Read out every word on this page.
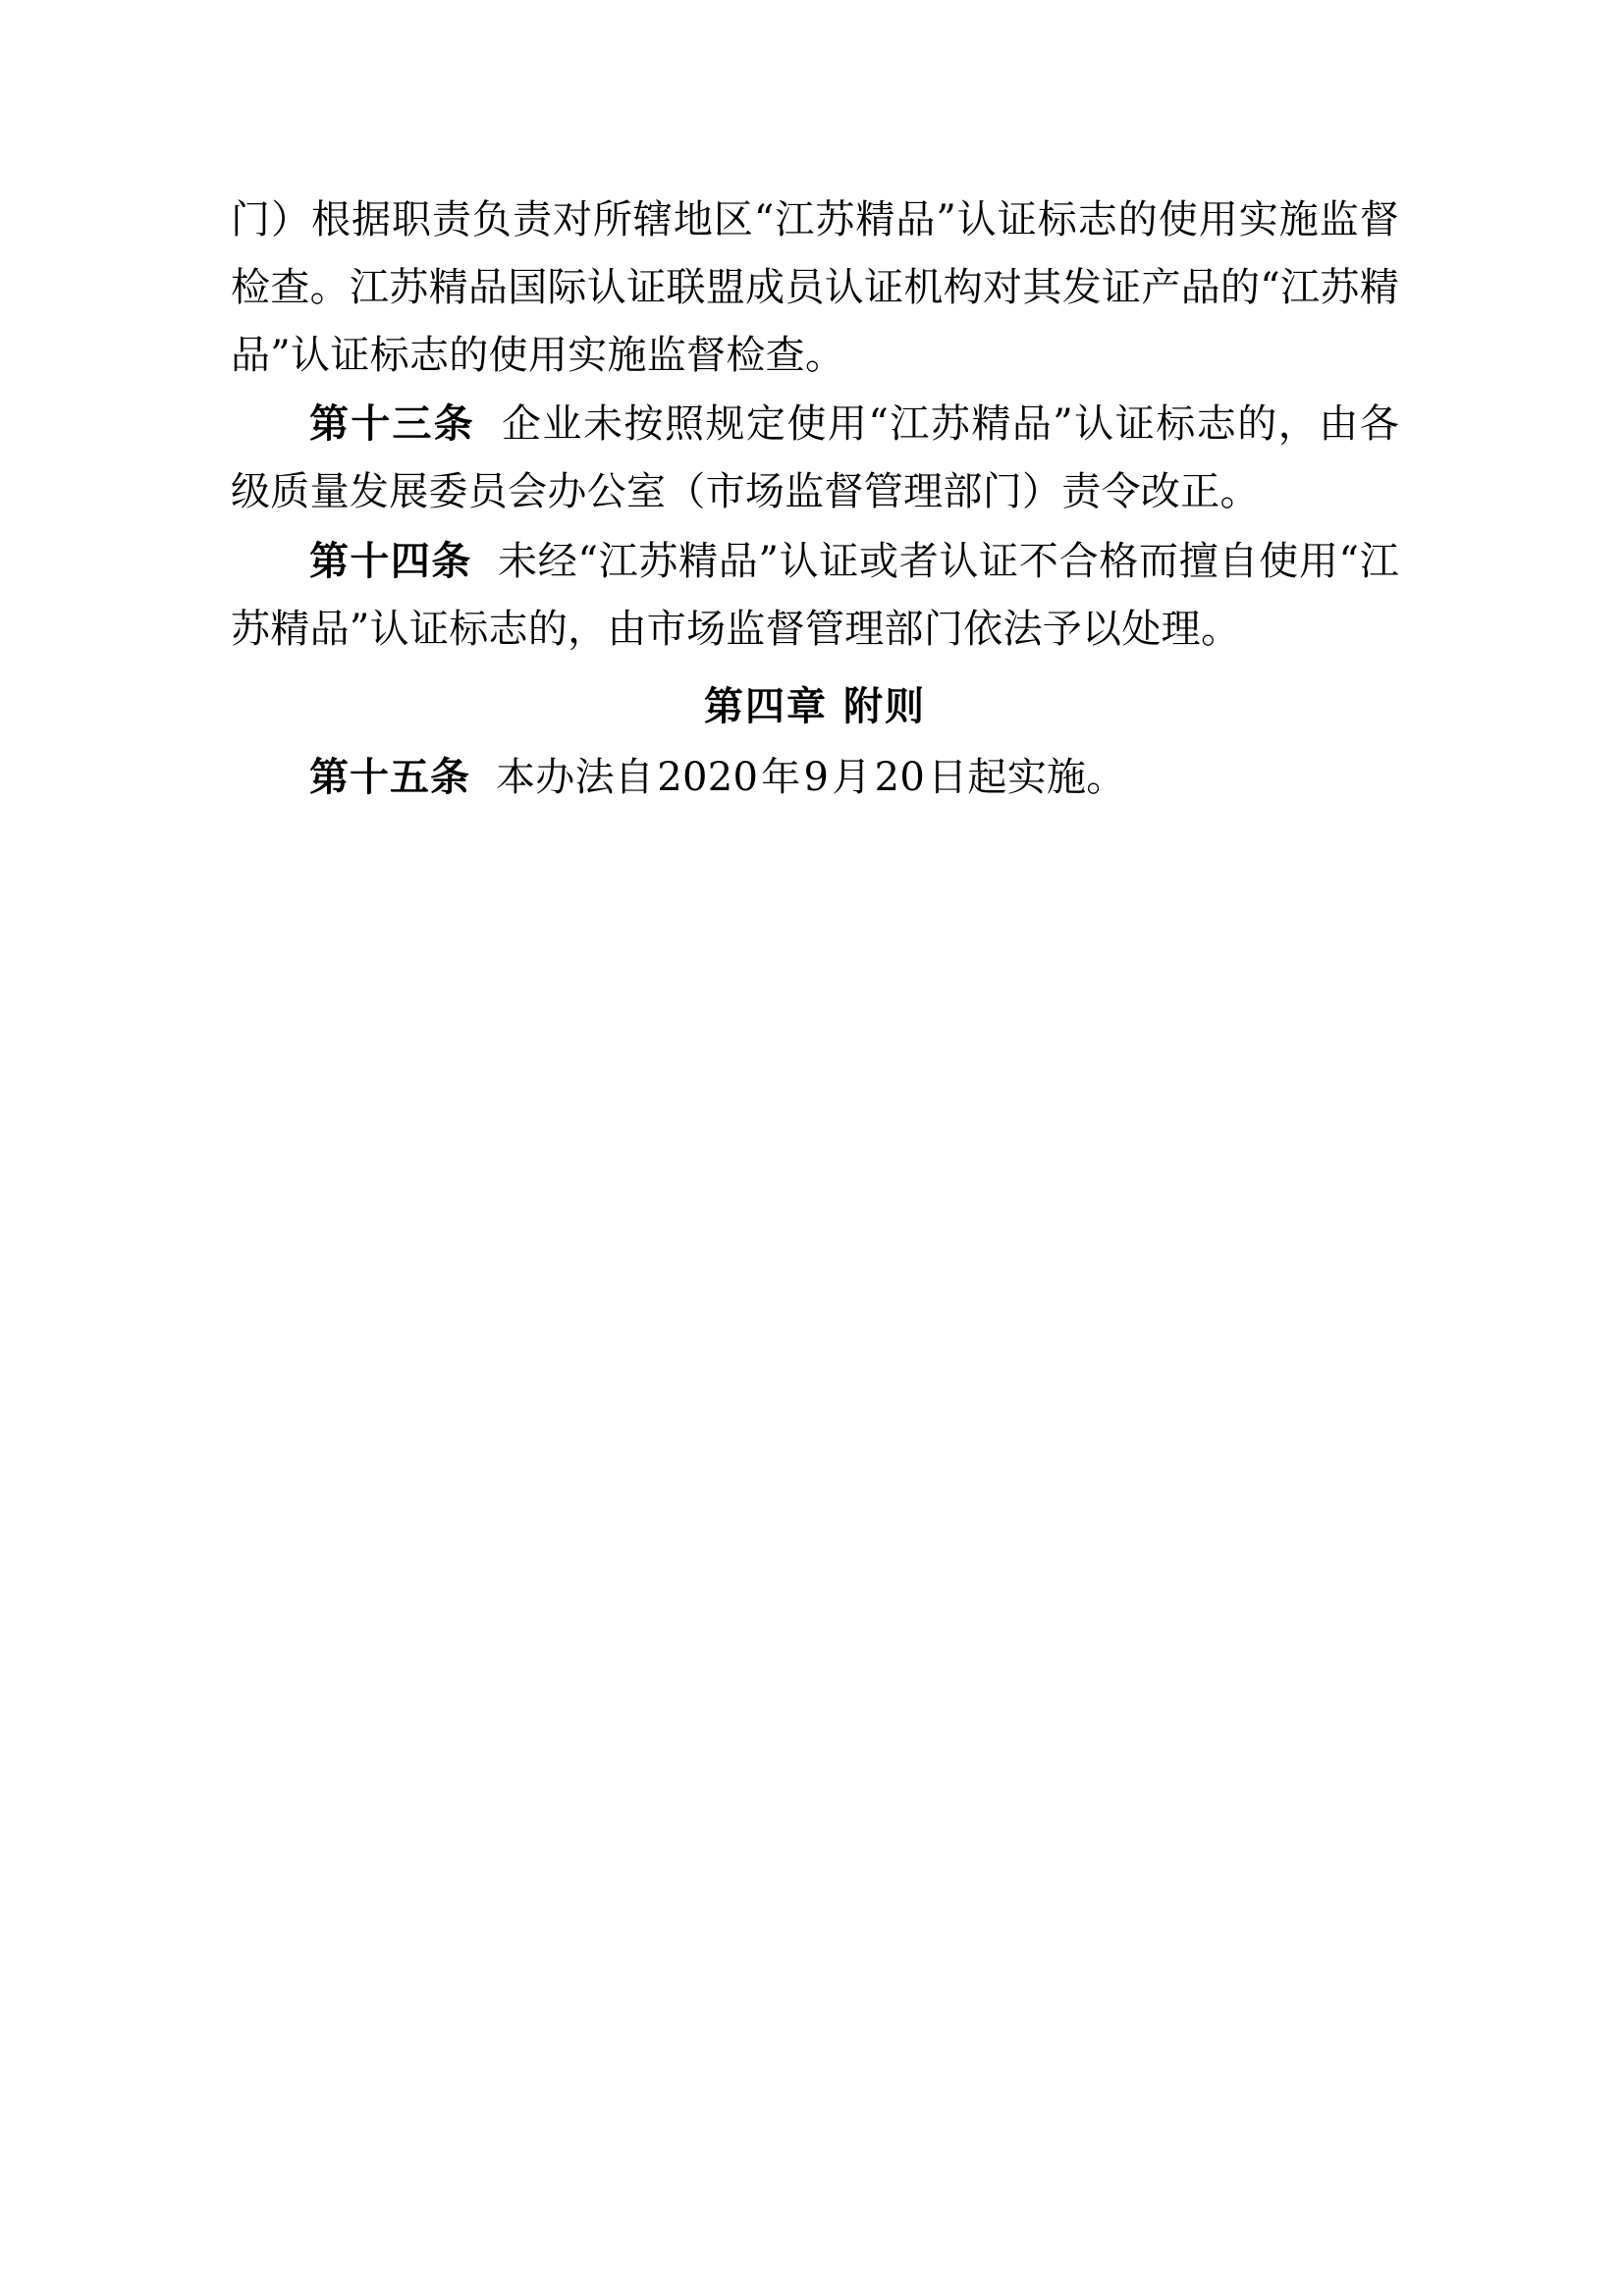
门）根据职责负责对所辖地区“江苏精品”认证标志的使用实施监督检查。江苏精品国际认证联盟成员认证机构对其发证产品的“江苏精品”认证标志的使用实施监督检查。

第十三条 企业未按照规定使用“江苏精品”认证标志的，由各级质量发展委员会办公室（市场监督管理部门）责令改正。

第十四条 未经“江苏精品”认证或者认证不合格而擅自使用“江苏精品”认证标志的，由市场监督管理部门依法予以处理。

第四章 附则

第十五条 本办法自2020年9月20日起实施。
